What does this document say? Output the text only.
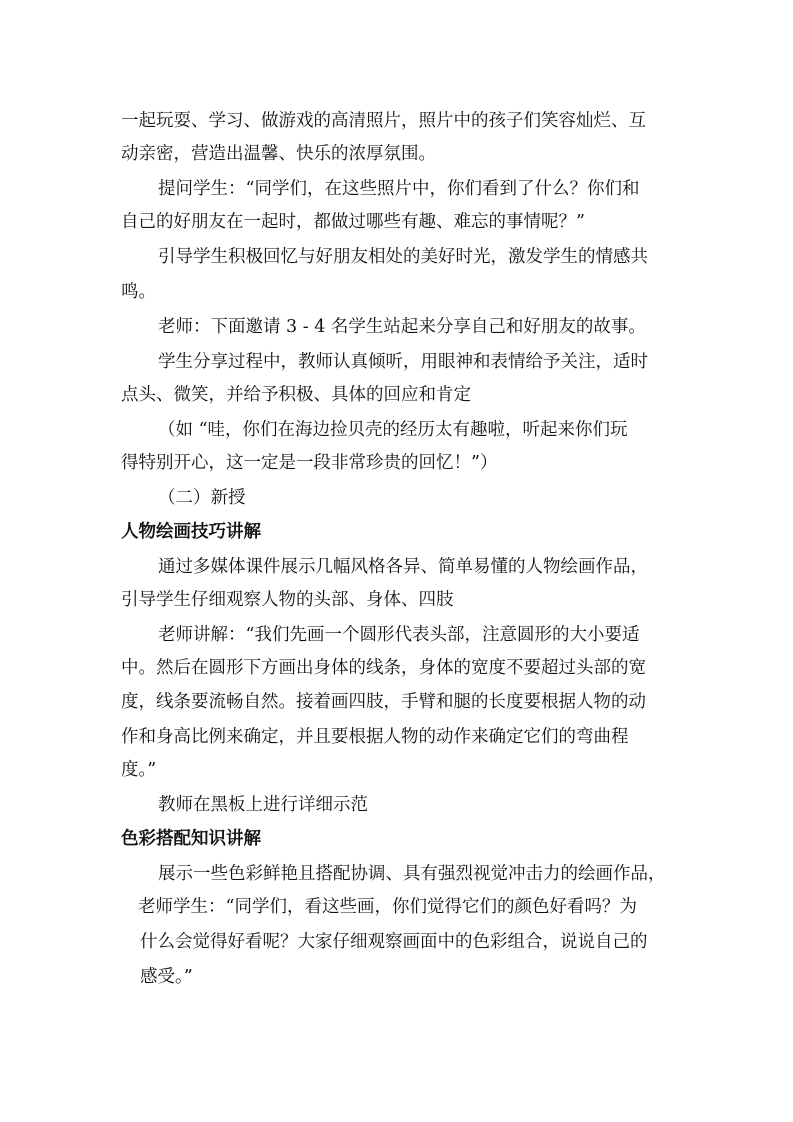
一起玩耍、学习、做游戏的高清照片，照片中的孩子们笑容灿烂、互
动亲密，营造出温馨、快乐的浓厚氛围。
提问学生：“同学们，在这些照片中，你们看到了什么？你们和
自己的好朋友在一起时，都做过哪些有趣、难忘的事情呢？”
引导学生积极回忆与好朋友相处的美好时光，激发学生的情感共
鸣。
老师：下面邀请 3 - 4 名学生站起来分享自己和好朋友的故事。
学生分享过程中，教师认真倾听，用眼神和表情给予关注，适时
点头、微笑，并给予积极、具体的回应和肯定
（如 “哇，你们在海边捡贝壳的经历太有趣啦，听起来你们玩
得特别开心，这一定是一段非常珍贵的回忆！”）
（二）新授
人物绘画技巧讲解
通过多媒体课件展示几幅风格各异、简单易懂的人物绘画作品，
引导学生仔细观察人物的头部、身体、四肢
老师讲解：“我们先画一个圆形代表头部，注意圆形的大小要适
中。然后在圆形下方画出身体的线条，身体的宽度不要超过头部的宽
度，线条要流畅自然。接着画四肢，手臂和腿的长度要根据人物的动
作和身高比例来确定，并且要根据人物的动作来确定它们的弯曲程
度。”
教师在黑板上进行详细示范
色彩搭配知识讲解
展示一些色彩鲜艳且搭配协调、具有强烈视觉冲击力的绘画作品，
老师学生：“同学们，看这些画，你们觉得它们的颜色好看吗？为
什么会觉得好看呢？大家仔细观察画面中的色彩组合，说说自己的
感受。”
